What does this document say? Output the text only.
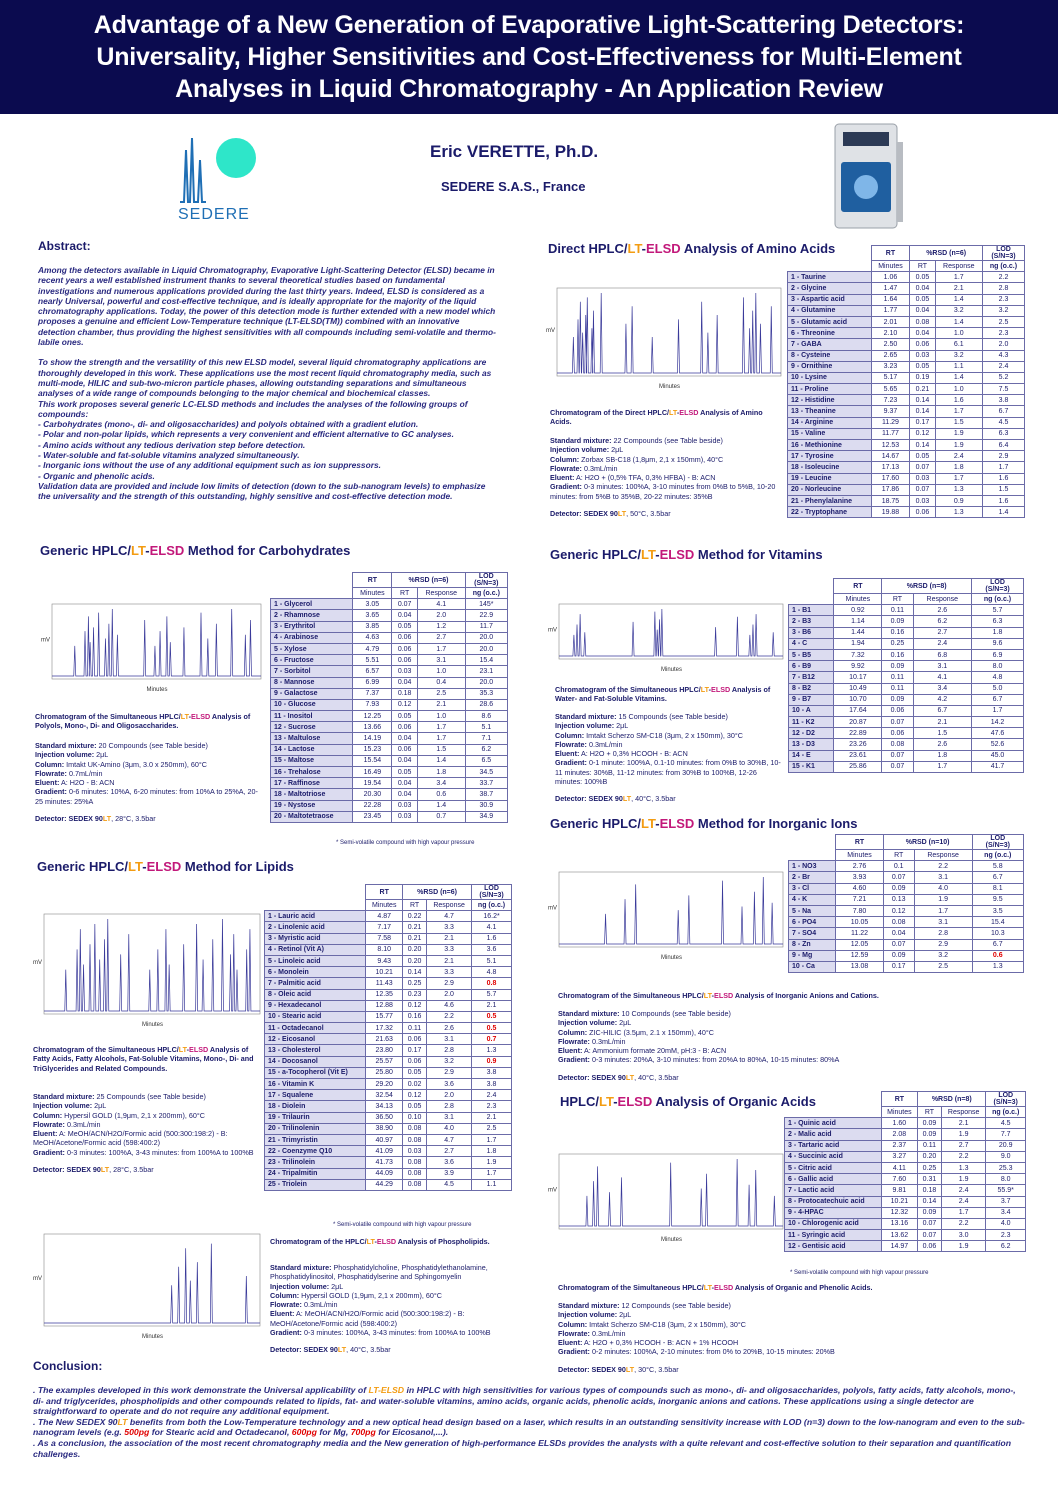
Advantage of a New Generation of Evaporative Light-Scattering Detectors:
Universality, Higher Sensitivities and Cost-Effectiveness for Multi-Element
Analyses in Liquid Chromatography - An Application Review
SEDERE
Eric VERETTE, Ph.D.
SEDERE S.A.S., France
Abstract:

Among the detectors available in Liquid Chromatography, Evaporative Light-Scattering Detector (ELSD) became in recent years a well established instrument thanks to several theoretical studies based on fundamental investigations and numerous applications provided during the last thirty years. Indeed, ELSD is considered as a nearly Universal, powerful and cost-effective technique, and is ideally appropriate for the majority of the liquid chromatography applications. Today, the power of this detection mode is further extended with a new model which proposes a genuine and efficient Low-Temperature technique (LT-ELSD(TM)) combined with an innovative detection chamber, thus providing the highest sensitivities with all compounds including semi-volatile and thermo-labile ones.

To show the strength and the versatility of this new ELSD model, several liquid chromatography applications are thoroughly developed in this work. These applications use the most recent liquid chromatography media, such as multi-mode, HILIC and sub-two-micron particle phases, allowing outstanding separations and simultaneous analyses of a wide range of compounds belonging to the major chemical and biochemical classes.

This work proposes several generic LC-ELSD methods and includes the analyses of the following groups of compounds:
- Carbohydrates (mono-, di- and oligosaccharides) and polyols obtained with a gradient elution.
- Polar and non-polar lipids, which represents a very convenient and efficient alternative to GC analyses.
- Amino acids without any tedious derivation step before detection.
- Water-soluble and fat-soluble vitamins analyzed simultaneously.
- Inorganic ions without the use of any additional equipment such as ion suppressors.
- Organic and phenolic acids.
Validation data are provided and include low limits of detection (down to the sub-nanogram levels) to emphasize the universality and the strength of this outstanding, highly sensitive and cost-effective detection mode.
Generic HPLC/LT-ELSD Method for Carbohydrates
mV
Minutes
Chromatogram of the Simultaneous HPLC/LT-ELSD Analysis of Polyols, Mono-, Di- and Oligosaccharides.
Standard mixture: 20 Compounds (see Table beside)
Injection volume: 2μL
Column: Imtakt UK-Amino (3μm, 3.0 x 250mm), 60°C
Flowrate: 0.7mL/min
Eluent: A: H2O - B: ACN
Gradient: 0-6 minutes: 10%A, 6-20 minutes: from 10%A to 25%A, 20-25 minutes: 25%A
Detector: SEDEX 90LT, 28°C, 3.5bar
	RT	%RSD (n=6)		LOD
(S/N=3)
	Minutes	RT	Response	ng (o.c.)
1 - Glycerol	3.05	0.07	4.1	145*
2 - Rhamnose	3.65	0.04	2.0	22.9
3 - Erythritol	3.85	0.05	1.2	11.7
4 - Arabinose	4.63	0.06	2.7	20.0
5 - Xylose	4.79	0.06	1.7	20.0
6 - Fructose	5.51	0.06	3.1	15.4
7 - Sorbitol	6.57	0.03	1.0	23.1
8 - Mannose	6.99	0.04	0.4	20.0
9 - Galactose	7.37	0.18	2.5	35.3
10 - Glucose	7.93	0.12	2.1	28.6
11 - Inositol	12.25	0.05	1.0	8.6
12 - Sucrose	13.66	0.06	1.7	5.1
13 - Maltulose	14.19	0.04	1.7	7.1
14 - Lactose	15.23	0.06	1.5	6.2
15 - Maltose	15.54	0.04	1.4	6.5
16 - Trehalose	16.49	0.05	1.8	34.5
17 - Raffinose	19.54	0.04	3.4	33.7
18 - Maltotriose	20.30	0.04	0.6	38.7
19 - Nystose	22.28	0.03	1.4	30.9
20 - Maltotetraose	23.45	0.03	0.7	34.9
* Semi-volatile compound with high vapour pressure
Generic HPLC/LT-ELSD Method for Lipids
mV
Minutes
Chromatogram of the Simultaneous HPLC/LT-ELSD Analysis of Fatty Acids, Fatty Alcohols, Fat-Soluble Vitamins, Mono-, Di- and TriGlycerides and Related Compounds.
Standard mixture: 25 Compounds (see Table beside)
Injection volume: 2μL
Column: Hypersil GOLD (1,9μm, 2,1 x 200mm), 60°C
Flowrate: 0.3mL/min
Eluent: A: MeOH/ACN/H2O/Formic acid (500:300:198:2) - B: MeOH/Acetone/Formic acid (598:400:2)
Gradient: 0-3 minutes: 100%A, 3-43 minutes: from 100%A to 100%B
Detector: SEDEX 90LT, 28°C, 3.5bar
	RT	%RSD (n=6)		LOD
(S/N=3)
	Minutes	RT	Response	ng (o.c.)
1 - Lauric acid	4.87	0.22	4.7	16.2*
2 - Linolenic acid	7.17	0.21	3.3	4.1
3 - Myristic acid	7.58	0.21	2.1	1.6
4 - Retinol (Vit A)	8.10	0.20	3.3	3.6
5 - Linoleic acid	9.43	0.20	2.1	5.1
6 - Monolein	10.21	0.14	3.3	4.8
7 - Palmitic acid	11.43	0.25	2.9	0.8
8 - Oleic acid	12.35	0.23	2.0	5.7
9 - Hexadecanol	12.88	0.12	4.6	2.1
10 - Stearic acid	15.77	0.16	2.2	0.5
11 - Octadecanol	17.32	0.11	2.6	0.5
12 - Eicosanol	21.63	0.06	3.1	0.7
13 - Cholesterol	23.80	0.17	2.8	1.3
14 - Docosanol	25.57	0.06	3.2	0.9
15 - a-Tocopherol (Vit E)	25.80	0.05	2.9	3.8
16 - Vitamin K	29.20	0.02	3.6	3.8
17 - Squalene	32.54	0.12	2.0	2.4
18 - Diolein	34.13	0.05	2.8	2.3
19 - Trilaurin	36.50	0.10	3.1	2.1
20 - Trilinolenin	38.90	0.08	4.0	2.5
21 - Trimyristin	40.97	0.08	4.7	1.7
22 - Coenzyme Q10	41.09	0.03	2.7	1.8
23 - Trilinolein	41.73	0.08	3.6	1.9
24 - Tripalmitin	44.09	0.08	3.9	1.7
25 - Triolein	44.29	0.08	4.5	1.1
* Semi-volatile compound with high vapour pressure
mV
Minutes
Chromatogram of the HPLC/LT-ELSD Analysis of Phospholipids.
Standard mixture: Phosphatidylcholine, Phosphatidylethanolamine, Phosphatidylinositol, Phosphatidylserine and Sphingomyelin
Injection volume: 2μL
Column: Hypersil GOLD (1,9μm, 2,1 x 200mm), 60°C
Flowrate: 0.3mL/min
Eluent: A: MeOH/ACN/H2O/Formic acid (500:300:198:2) - B: MeOH/Acetone/Formic acid (598:400:2)
Gradient: 0-3 minutes: 100%A, 3-43 minutes: from 100%A to 100%B
Detector: SEDEX 90LT, 40°C, 3.5bar
Direct HPLC/LT-ELSD Analysis of Amino Acids
mV
Minutes
Chromatogram of the Direct HPLC/LT-ELSD Analysis of Amino Acids.
Standard mixture: 22 Compounds (see Table beside)
Injection volume: 2μL
Column: Zorbax SB-C18 (1,8μm, 2,1 x 150mm), 40°C
Flowrate: 0.3mL/min
Eluent: A: H2O + (0,5% TFA, 0,3% HFBA) - B: ACN
Gradient: 0-3 minutes: 100%A, 3-10 minutes from 0%B to 5%B, 10-20 minutes: from 5%B to 35%B, 20-22 minutes: 35%B
Detector: SEDEX 90LT, 50°C, 3.5bar
	RT	%RSD (n=6)		LOD
(S/N=3)
	Minutes	RT	Response	ng (o.c.)
1 - Taurine	1.06	0.05	1.7	2.2
2 - Glycine	1.47	0.04	2.1	2.8
3 - Aspartic acid	1.64	0.05	1.4	2.3
4 - Glutamine	1.77	0.04	3.2	3.2
5 - Glutamic acid	2.01	0.08	1.4	2.5
6 - Threonine	2.10	0.04	1.0	2.3
7 - GABA	2.50	0.06	6.1	2.0
8 - Cysteine	2.65	0.03	3.2	4.3
9 - Ornithine	3.23	0.05	1.1	2.4
10 - Lysine	5.17	0.19	1.4	5.2
11 - Proline	5.65	0.21	1.0	7.5
12 - Histidine	7.23	0.14	1.6	3.8
13 - Theanine	9.37	0.14	1.7	6.7
14 - Arginine	11.29	0.17	1.5	4.5
15 - Valine	11.77	0.12	1.9	6.3
16 - Methionine	12.53	0.14	1.9	6.4
17 - Tyrosine	14.67	0.05	2.4	2.9
18 - Isoleucine	17.13	0.07	1.8	1.7
19 - Leucine	17.60	0.03	1.7	1.6
20 - Norleucine	17.86	0.07	1.3	1.5
21 - Phenylalanine	18.75	0.03	0.9	1.6
22 - Tryptophane	19.88	0.06	1.3	1.4
Generic HPLC/LT-ELSD Method for Vitamins
mV
Minutes
Chromatogram of the Simultaneous HPLC/LT-ELSD Analysis of Water- and Fat-Soluble Vitamins.
Standard mixture: 15 Compounds (see Table beside)
Injection volume: 2μL
Column: Imtakt Scherzo SM-C18 (3μm, 2 x 150mm), 30°C
Flowrate: 0.3mL/min
Eluent: A: H2O + 0,3% HCOOH - B: ACN
Gradient: 0-1 minute: 100%A, 0.1-10 minutes: from 0%B to 30%B, 10-11 minutes: 30%B, 11-12 minutes: from 30%B to 100%B, 12-26 minutes: 100%B
Detector: SEDEX 90LT, 40°C, 3.5bar
	RT	%RSD (n=8)		LOD
(S/N=3)
	Minutes	RT	Response	ng (o.c.)
1 - B1	0.92	0.11	2.6	5.7
2 - B3	1.14	0.09	6.2	6.3
3 - B6	1.44	0.16	2.7	1.8
4 - C	1.94	0.25	2.4	9.6
5 - B5	7.32	0.16	6.8	6.9
6 - B9	9.92	0.09	3.1	8.0
7 - B12	10.17	0.11	4.1	4.8
8 - B2	10.49	0.11	3.4	5.0
9 - B7	10.70	0.09	4.2	6.7
10 - A	17.64	0.06	6.7	1.7
11 - K2	20.87	0.07	2.1	14.2
12 - D2	22.89	0.06	1.5	47.6
13 - D3	23.26	0.08	2.6	52.6
14 - E	23.61	0.07	1.8	45.0
15 - K1	25.86	0.07	1.7	41.7
Generic HPLC/LT-ELSD Method for Inorganic Ions
mV
Minutes
Chromatogram of the Simultaneous HPLC/LT-ELSD Analysis of Inorganic Anions and Cations.
Standard mixture: 10 Compounds (see Table beside)
Injection volume: 2μL
Column: ZIC-HILIC (3.5μm, 2.1 x 150mm), 40°C
Flowrate: 0.3mL/min
Eluent: A: Ammonium formate 20mM, pH:3 - B: ACN
Gradient: 0-3 minutes: 20%A, 3-10 minutes: from 20%A to 80%A, 10-15 minutes: 80%A
Detector: SEDEX 90LT, 40°C, 3.5bar
	RT	%RSD (n=10)		LOD
(S/N=3)
	Minutes	RT	Response	ng (o.c.)
1 - NO3	2.76	0.1	2.2	5.8
2 - Br	3.93	0.07	3.1	6.7
3 - Cl	4.60	0.09	4.0	8.1
4 - K	7.21	0.13	1.9	9.5
5 - Na	7.80	0.12	1.7	3.5
6 - PO4	10.05	0.08	3.1	15.4
7 - SO4	11.22	0.04	2.8	10.3
8 - Zn	12.05	0.07	2.9	6.7
9 - Mg	12.59	0.09	3.2	0.6
10 - Ca	13.08	0.17	2.5	1.3
HPLC/LT-ELSD Analysis of Organic Acids
mV
Minutes
Chromatogram of the Simultaneous HPLC/LT-ELSD Analysis of Organic and Phenolic Acids.
Standard mixture: 12 Compounds (see Table beside)
Injection volume: 2μL
Column: Imtakt Scherzo SM-C18 (3μm, 2 x 150mm), 30°C
Flowrate: 0.3mL/min
Eluent: A: H2O + 0,3% HCOOH - B: ACN + 1% HCOOH
Gradient: 0-2 minutes: 100%A, 2-10 minutes: from 0% to 20%B, 10-15 minutes: 20%B
Detector: SEDEX 90LT, 30°C, 3.5bar
	RT	%RSD (n=8)		LOD
(S/N=3)
	Minutes	RT	Response	ng (o.c.)
1 - Quinic acid	1.60	0.09	2.1	4.5
2 - Malic acid	2.08	0.09	1.9	7.7
3 - Tartaric acid	2.37	0.11	2.7	20.9
4 - Succinic acid	3.27	0.20	2.2	9.0
5 - Citric acid	4.11	0.25	1.3	25.3
6 - Gallic acid	7.60	0.31	1.9	8.0
7 - Lactic acid	9.81	0.18	2.4	55.9*
8 - Protocatechuic acid	10.21	0.14	2.4	3.7
9 - 4-HPAC	12.32	0.09	1.7	3.4
10 - Chlorogenic acid	13.16	0.07	2.2	4.0
11 - Syringic acid	13.62	0.07	3.0	2.3
12 - Gentisic acid	14.97	0.06	1.9	6.2
* Semi-volatile compound with high vapour pressure
Conclusion:
. The examples developed in this work demonstrate the Universal applicability of LT-ELSD in HPLC with high sensitivities for various types of compounds such as mono-, di- and oligosaccharides, polyols, fatty acids, fatty alcohols, mono-, di- and triglycerides, phospholipids and other compounds related to lipids, fat- and water-soluble vitamins, amino acids, organic acids, phenolic acids, inorganic anions and cations. These applications using a single detector are straightforward to operate and do not require any additional equipment.
. The New SEDEX 90LT benefits from both the Low-Temperature technology and a new optical head design based on a laser, which results in an outstanding sensitivity increase with LOD (n=3) down to the low-nanogram and even to the sub-nanogram levels (e.g. 500pg for Stearic acid and Octadecanol, 600pg for Mg, 700pg for Eicosanol,...).
. As a conclusion, the association of the most recent chromatography media and the New generation of high-performance ELSDs provides the analysts with a quite relevant and cost-effective solution to their separation and quantification challenges.
